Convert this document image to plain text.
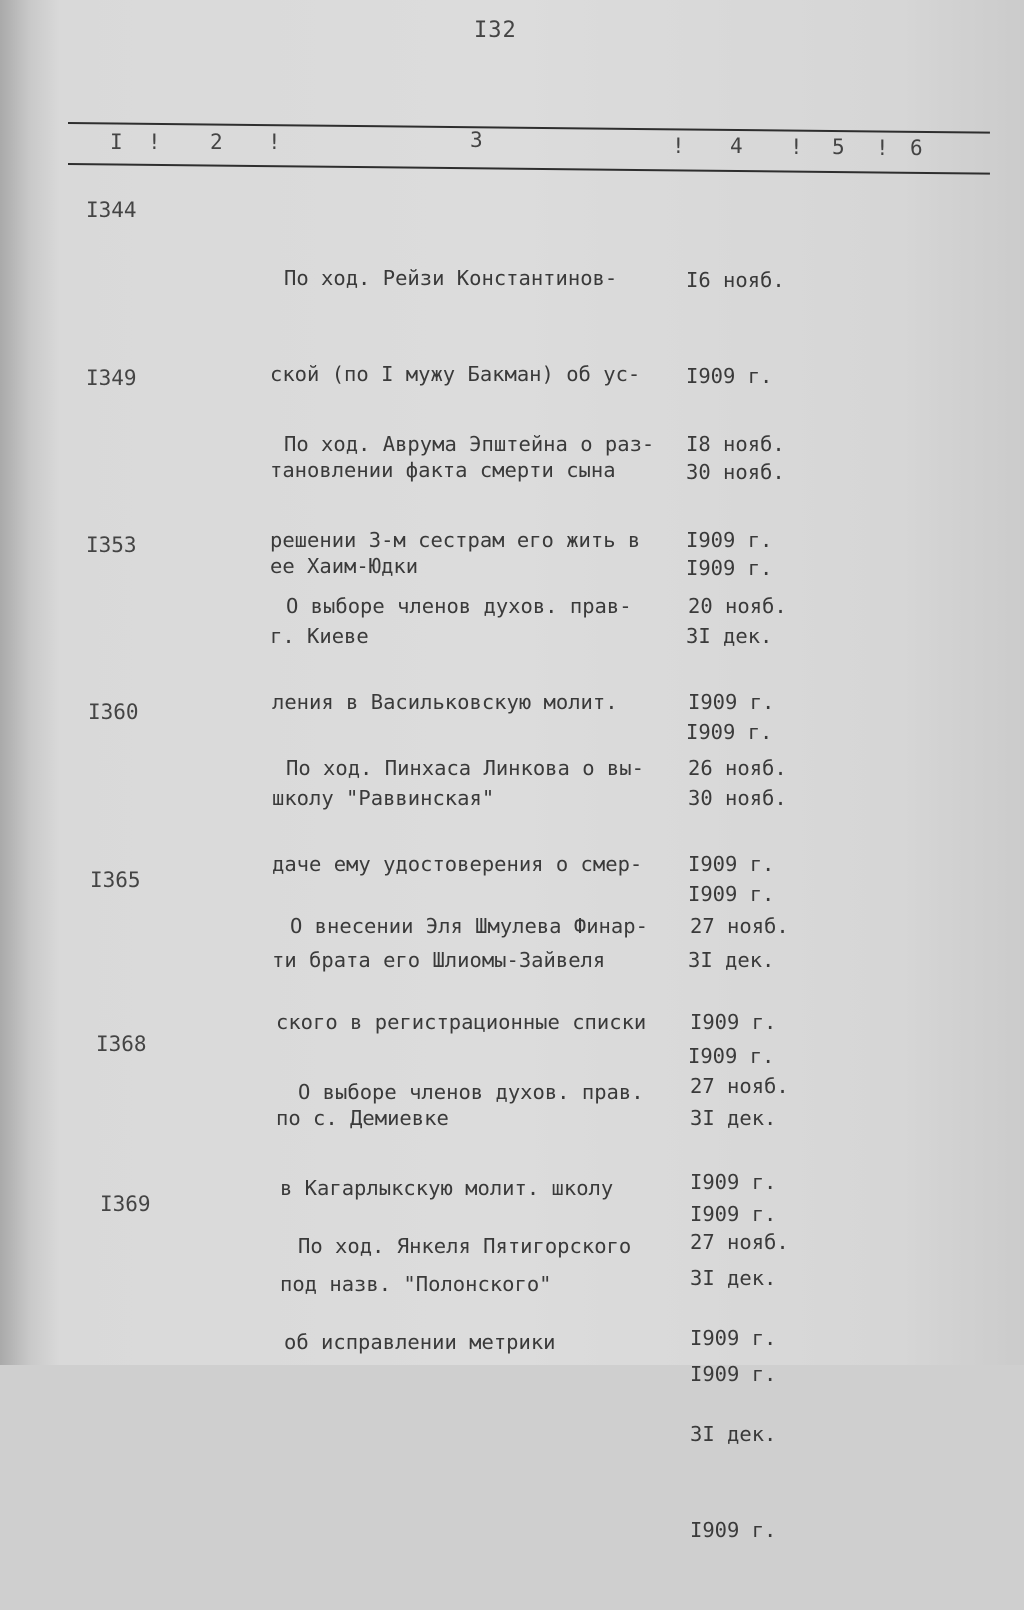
I32
I ! 2 !	3	! 4 ! 5 ! 6
I344

По ход. Рейзи Константинов-

ской (по I мужу Бакман) об ус-

тановлении факта смерти сына

ее Хаим-Юдки

I6 нояб.

I909 г.

30 нояб.

I909 г.

I349

По ход. Аврума Эпштейна о раз-

решении 3-м сестрам его жить в

г. Киеве

I8 нояб.

I909 г.

3I дек.

I909 г.

I353

О выборе членов духов. прав-

ления в Васильковскую молит.

школу "Раввинская"

20 нояб.

I909 г.

30 нояб.

I909 г.

I360

По ход. Пинхаса Линкова о вы-

даче ему удостоверения о смер-

ти брата его Шлиомы-Зайвеля

26 нояб.

I909 г.

3I дек.

I909 г.

I365

О внесении Эля Шмулева Финар-

ского в регистрационные списки

по с. Демиевке

27 нояб.

I909 г.

3I дек.

I909 г.

I368

О выборе членов духов. прав.

в Кагарлыкскую молит. школу

под назв. "Полонского"

27 нояб.

I909 г.

3I дек.

I909 г.

I369

По ход. Янкеля Пятигорского

об исправлении метрики

27 нояб.

I909 г.

3I дек.

I909 г.
